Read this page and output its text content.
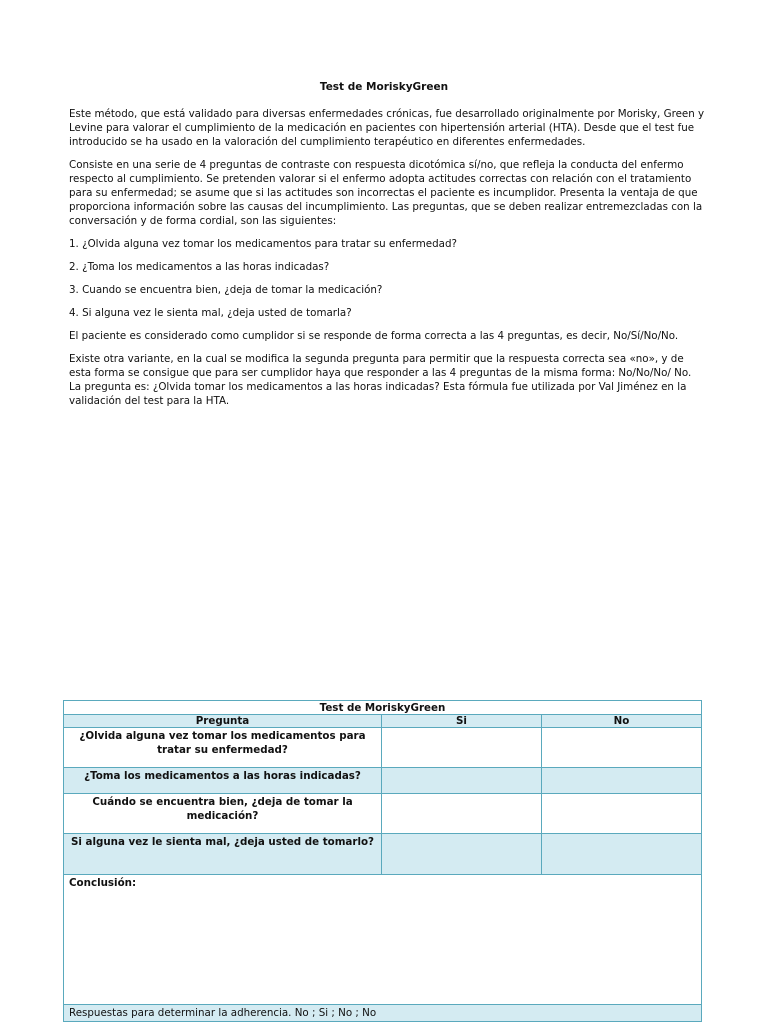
Test de MoriskyGreen

Este método, que está validado para diversas enfermedades crónicas, fue desarrollado originalmente por Morisky, Green y Levine para valorar el cumplimiento de la medicación en pacientes con hipertensión arterial (HTA). Desde que el test fue introducido se ha usado en la valoración del cumplimiento terapéutico en diferentes enfermedades.

Consiste en una serie de 4 preguntas de contraste con respuesta dicotómica sí/no, que refleja la conducta del enfermo respecto al cumplimiento. Se pretenden valorar si el enfermo adopta actitudes correctas con relación con el tratamiento para su enfermedad; se asume que si las actitudes son incorrectas el paciente es incumplidor. Presenta la ventaja de que proporciona información sobre las causas del incumplimiento. Las preguntas, que se deben realizar entremezcladas con la conversación y de forma cordial, son las siguientes:

1. ¿Olvida alguna vez tomar los medicamentos para tratar su enfermedad?

2. ¿Toma los medicamentos a las horas indicadas?

3. Cuando se encuentra bien, ¿deja de tomar la medicación?

4. Si alguna vez le sienta mal, ¿deja usted de tomarla?

El paciente es considerado como cumplidor si se responde de forma correcta a las 4 preguntas, es decir, No/Sí/No/No.

Existe otra variante, en la cual se modifica la segunda pregunta para permitir que la respuesta correcta sea «no», y de esta forma se consigue que para ser cumplidor haya que responder a las 4 preguntas de la misma forma: No/No/No/ No. La pregunta es: ¿Olvida tomar los medicamentos a las horas indicadas? Esta fórmula fue utilizada por Val Jiménez en la validación del test para la HTA.

Test de MoriskyGreen		
Pregunta	Si	No
¿Olvida alguna vez tomar los medicamentos para tratar su enfermedad?		
¿Toma los medicamentos a las horas indicadas?		
Cuándo se encuentra bien, ¿deja de tomar la medicación?		
Si alguna vez le sienta mal, ¿deja usted de tomarlo?		
Conclusión:		
Respuestas para determinar la adherencia. No ; Si ; No ; No		
